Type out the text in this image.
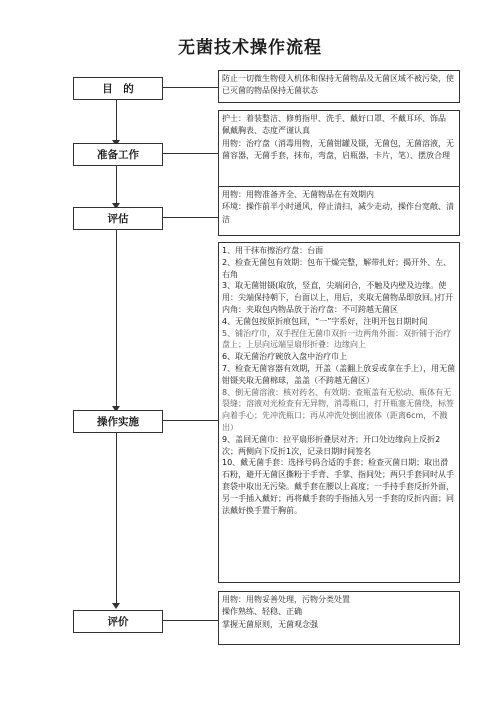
无菌技术操作流程
目　的

防止一切微生物侵入机体和保持无菌物品及无菌区域不被污染，使已灭菌的物品保持无菌状态

准备工作

护士：着装整洁、修剪指甲、洗手、戴好口罩、不戴耳环、饰品 佩戴胸表、态度严谨认真

用物：治疗盘（消毒用物，无菌钳罐及镊，无菌包，无菌溶液，无菌容器，无菌手套，抹布，弯盘，启瓶器，卡片，笔）、摆放合理

评估

用物：用物准备齐全、无菌物品在有效期内

环境：操作前半小时通风，停止清扫，减少走动，操作台宽敞、清洁

操作实施

1、用干抹布擦治疗盘：台面

2、检查无菌包有效期：包布干燥完整，解带扎好；揭开外、左、右角

3、取无菌钳镊(取放，竖直，尖端闭合，不触及内壁及边缘。使用：尖端保持朝下，台面以上，用后，夹取无菌物品即放回。)打开内角：夹取包内物品放于治疗盘：不可跨越无菌区

4、无菌包按原折痕包回，“一”字系好，注明开包日期时间

5、铺治疗巾，双手捏住无菌巾双折一边两角外面：双折铺于治疗盘上；上层向远端呈扇形折叠：边缘向上

6、取无菌治疗碗放入盘中治疗巾上

7、检查无菌容器有效期，开盖（盖翻上放妥或拿在手上），用无菌钳镊夹取无菌棉球，盖盖（不跨越无菌区）

8、倒无菌溶液：核对药名、有效期；查瓶盖有无松动、瓶体有无裂缝；溶液对光检查有无异物，消毒瓶口，打开瓶塞无菌绕，标签向着手心；先冲洗瓶口；再从冲洗处倒出液体（距离6cm，不溅出）

9、盖回无菌巾：拉平扇形折叠层对齐；开口处边缘向上反折2次；两侧向下反折1次，记录日期时间签名

10、戴无菌手套：选择号码合适的手套；检查灭菌日期；取出滑石粉，避开无菌区撕粉于手背、手掌、指间处；两只手套同时从手套袋中取出无污染。戴手套在腰以上高度；一手持手套反折外面，另一手插入戴好；再将戴手套的手指插入另一手套的反折内面；同法戴好换手置于胸前。

评价

用物：用物妥善处理，污物分类处置

操作熟练、轻稳、正确

掌握无菌原则，无菌观念强
